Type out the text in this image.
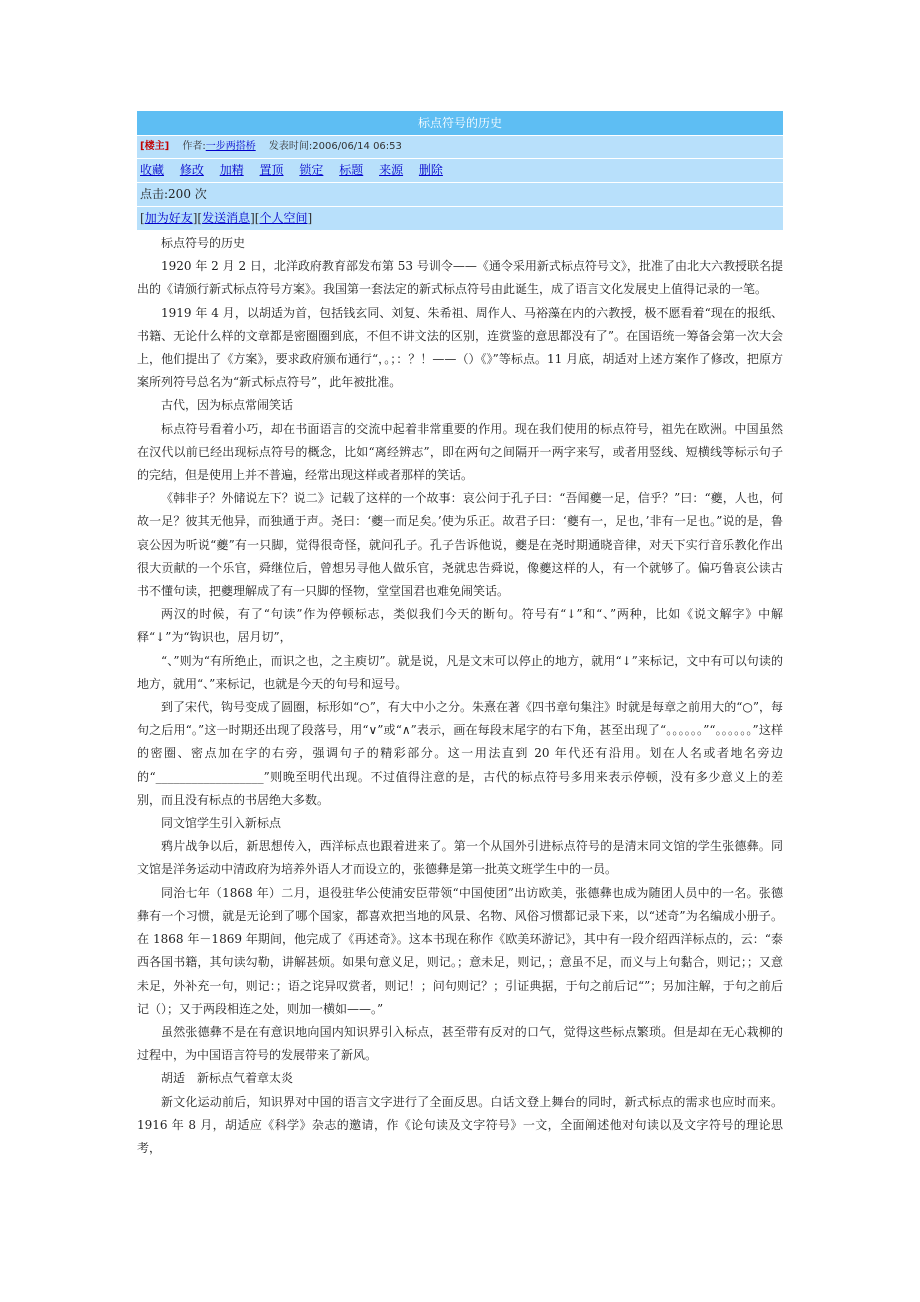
标点符号的历史
[楼主] 作者:一步两搭桥 发表时间:2006/06/14 06:53
收藏 修改 加精 置顶 锁定 标题 来源 删除
点击:200 次
[加为好友][发送消息][个人空间]

标点符号的历史

1920 年 2 月 2 日，北洋政府教育部发布第 53 号训令——《通令采用新式标点符号文》，批准了由北大六教授联名提出的《请颁行新式标点符号方案》。我国第一套法定的新式标点符号由此诞生，成了语言文化发展史上值得记录的一笔。

1919 年 4 月，以胡适为首，包括钱玄同、刘复、朱希祖、周作人、马裕藻在内的六教授，极不愿看着“现在的报纸、书籍、无论什么样的文章都是密圈圈到底，不但不讲文法的区别，连赏鉴的意思都没有了”。在国语统一筹备会第一次大会上，他们提出了《方案》，要求政府颁布通行“，。；：？！——（）《》”等标点。11 月底，胡适对上述方案作了修改，把原方案所列符号总名为“新式标点符号”，此年被批准。

古代，因为标点常闹笑话

标点符号看着小巧，却在书面语言的交流中起着非常重要的作用。现在我们使用的标点符号，祖先在欧洲。中国虽然在汉代以前已经出现标点符号的概念，比如“离经辨志”，即在两句之间隔开一两字来写，或者用竖线、短横线等标示句子的完结，但是使用上并不普遍，经常出现这样或者那样的笑话。

《韩非子？外储说左下？说二》记载了这样的一个故事：哀公问于孔子曰：“吾闻夔一足，信乎？”曰：“夔，人也，何故一足？彼其无他异，而独通于声。尧曰：‘夔一而足矣。’使为乐正。故君子曰：‘夔有一，足也，’非有一足也。”说的是，鲁哀公因为听说“夔”有一只脚，觉得很奇怪，就问孔子。孔子告诉他说，夔是在尧时期通晓音律，对天下实行音乐教化作出很大贡献的一个乐官，舜继位后，曾想另寻他人做乐官，尧就忠告舜说，像夔这样的人，有一个就够了。偏巧鲁哀公读古书不懂句读，把夔理解成了有一只脚的怪物，堂堂国君也难免闹笑话。

两汉的时候，有了“句读”作为停顿标志，类似我们今天的断句。符号有“↓”和“、”两种，比如《说文解字》中解释“↓”为“钩识也，居月切”，

“、”则为“有所绝止，而识之也，之主庾切”。就是说，凡是文末可以停止的地方，就用“↓”来标记，文中有可以句读的地方，就用“、”来标记，也就是今天的句号和逗号。

到了宋代，钩号变成了圆圈，标形如“○”，有大中小之分。朱熹在著《四书章句集注》时就是每章之前用大的“○”，每句之后用“。”这一时期还出现了段落号，用“∨”或“∧”表示，画在每段末尾字的右下角，甚至出现了“。。。。。。”“。。。。。。”这样的密圈、密点加在字的右旁，强调句子的精彩部分。这一用法直到 20 年代还有沿用。划在人名或者地名旁边的“__________________”则晚至明代出现。不过值得注意的是，古代的标点符号多用来表示停顿，没有多少意义上的差别，而且没有标点的书居绝大多数。

同文馆学生引入新标点

鸦片战争以后，新思想传入，西洋标点也跟着进来了。第一个从国外引进标点符号的是清末同文馆的学生张德彝。同文馆是洋务运动中清政府为培养外语人才而设立的，张德彝是第一批英文班学生中的一员。

同治七年（1868 年）二月，退役驻华公使浦安臣带领“中国使团”出访欧美，张德彝也成为随团人员中的一名。张德彝有一个习惯，就是无论到了哪个国家，都喜欢把当地的风景、名物、风俗习惯都记录下来，以“述奇”为名编成小册子。在 1868 年－1869 年期间，他完成了《再述奇》。这本书现在称作《欧美环游记》，其中有一段介绍西洋标点的，云：“泰西各国书籍，其句读勾勒，讲解甚烦。如果句意义足，则记。；意未足，则记，；意虽不足，而义与上句黏合，则记；；又意未足，外补充一句，则记：；语之诧异叹赏者，则记！；问句则记？；引证典据，于句之前后记“”；另加注解，于句之前后记（）；又于两段相连之处，则加一横如——。”

虽然张德彝不是在有意识地向国内知识界引入标点，甚至带有反对的口气，觉得这些标点繁琐。但是却在无心栽柳的过程中，为中国语言符号的发展带来了新风。

胡适　新标点气着章太炎

新文化运动前后，知识界对中国的语言文字进行了全面反思。白话文登上舞台的同时，新式标点的需求也应时而来。1916 年 8 月，胡适应《科学》杂志的邀请，作《论句读及文字符号》一文，全面阐述他对句读以及文字符号的理论思考，
